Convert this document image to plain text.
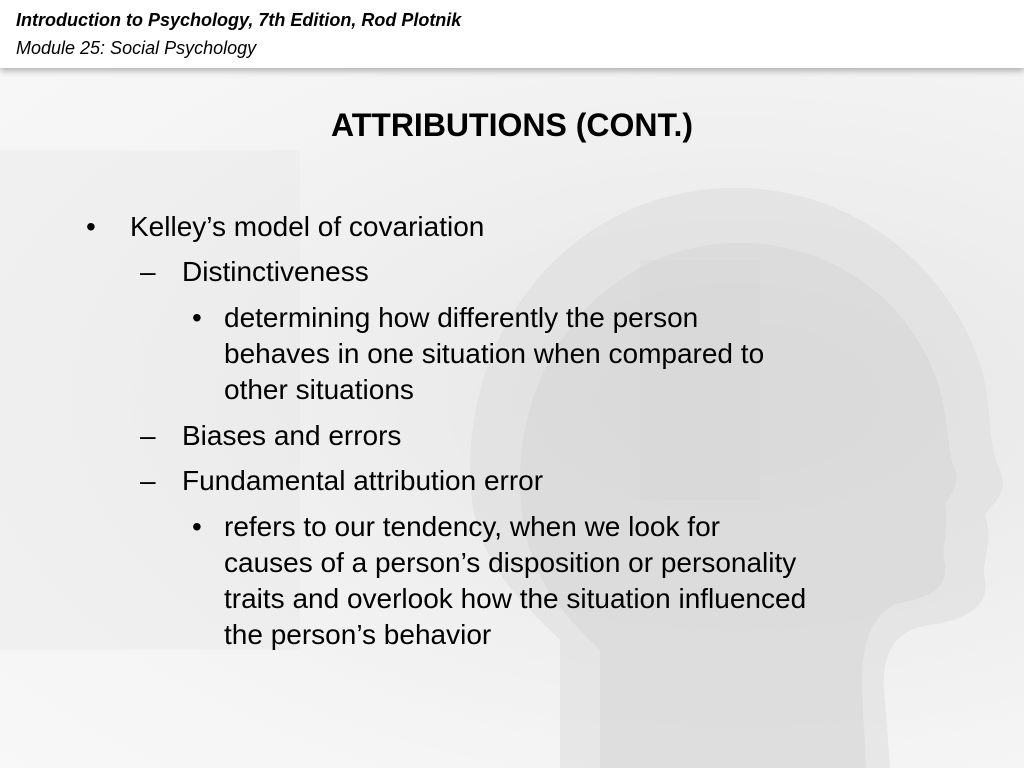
Introduction to Psychology, 7th Edition, Rod Plotnik
Module 25: Social Psychology
ATTRIBUTIONS (CONT.)
• Kelley’s model of covariation
– Distinctiveness
• determining how differently the person
behaves in one situation when compared to
other situations
– Biases and errors
– Fundamental attribution error
• refers to our tendency, when we look for
causes of a person’s disposition or personality
traits and overlook how the situation influenced
the person’s behavior
